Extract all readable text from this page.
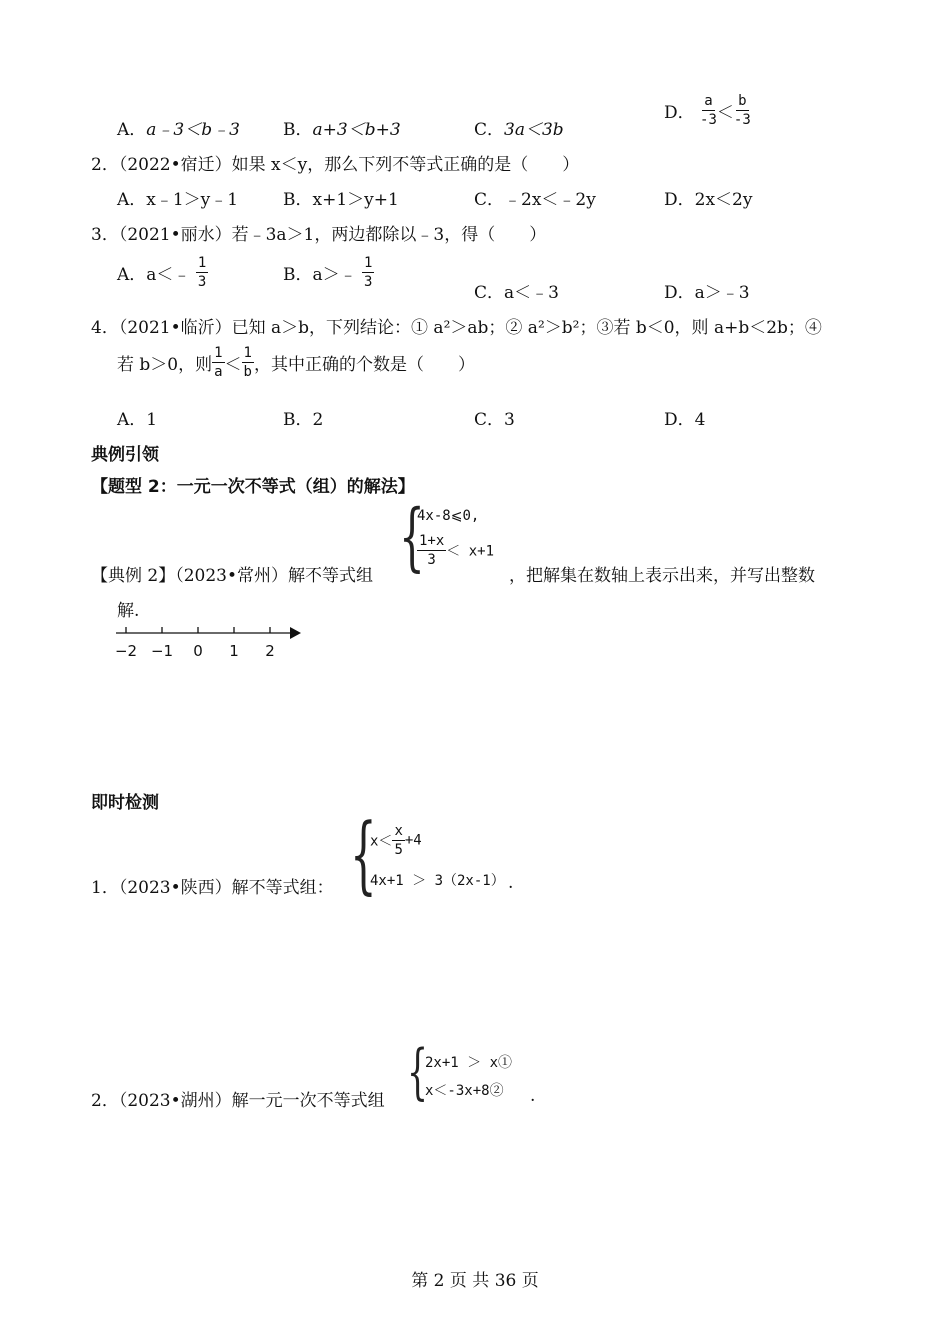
A．a﹣3＜b﹣3	B．a+3＜b+3	C．3a＜3b
D． $\frac{a}{-3} < \frac{b}{-3}$
2．（2022•宿迁）如果 x＜y，那么下列不等式正确的是（　　）
A．x﹣1＞y﹣1	B．x+1＞y+1	C．﹣2x＜﹣2y	D．2x＜2y
3．（2021•丽水）若﹣3a＞1，两边都除以﹣3，得（　　）
A．a＜﹣ $\frac{1}{3}$	B．a＞﹣ $\frac{1}{3}$
C．a＜﹣3	D．a＞﹣3
4．（2021•临沂）已知 a＞b，下列结论：① a²＞ab；② a²＞b²；③若 b＜0，则 a+b＜2b；④
若 b＞0，则 $\frac{1}{a} < \frac{1}{b}$ ，其中正确的个数是（　　）
A．1	B．2	C．3	D．4
典例引领
【题型 2：一元一次不等式（组）的解法】
【典例 2】（2023•常州）解不等式组 {
4x-8⩽0,
$\frac{1+x}{3} < x+1$
，把解集在数轴上表示出来，并写出整数
解.
−2 −1	0	1	2
即时检测
1．（2023•陕西）解不等式组： {
$x< \frac{x}{5} +4$
4x+1 ＞ 3（2x-1） .
2．（2023•湖州）解一元一次不等式组 {
2x+1 ＞ x①
x＜-3x+8② .
第 2 页 共 36 页
